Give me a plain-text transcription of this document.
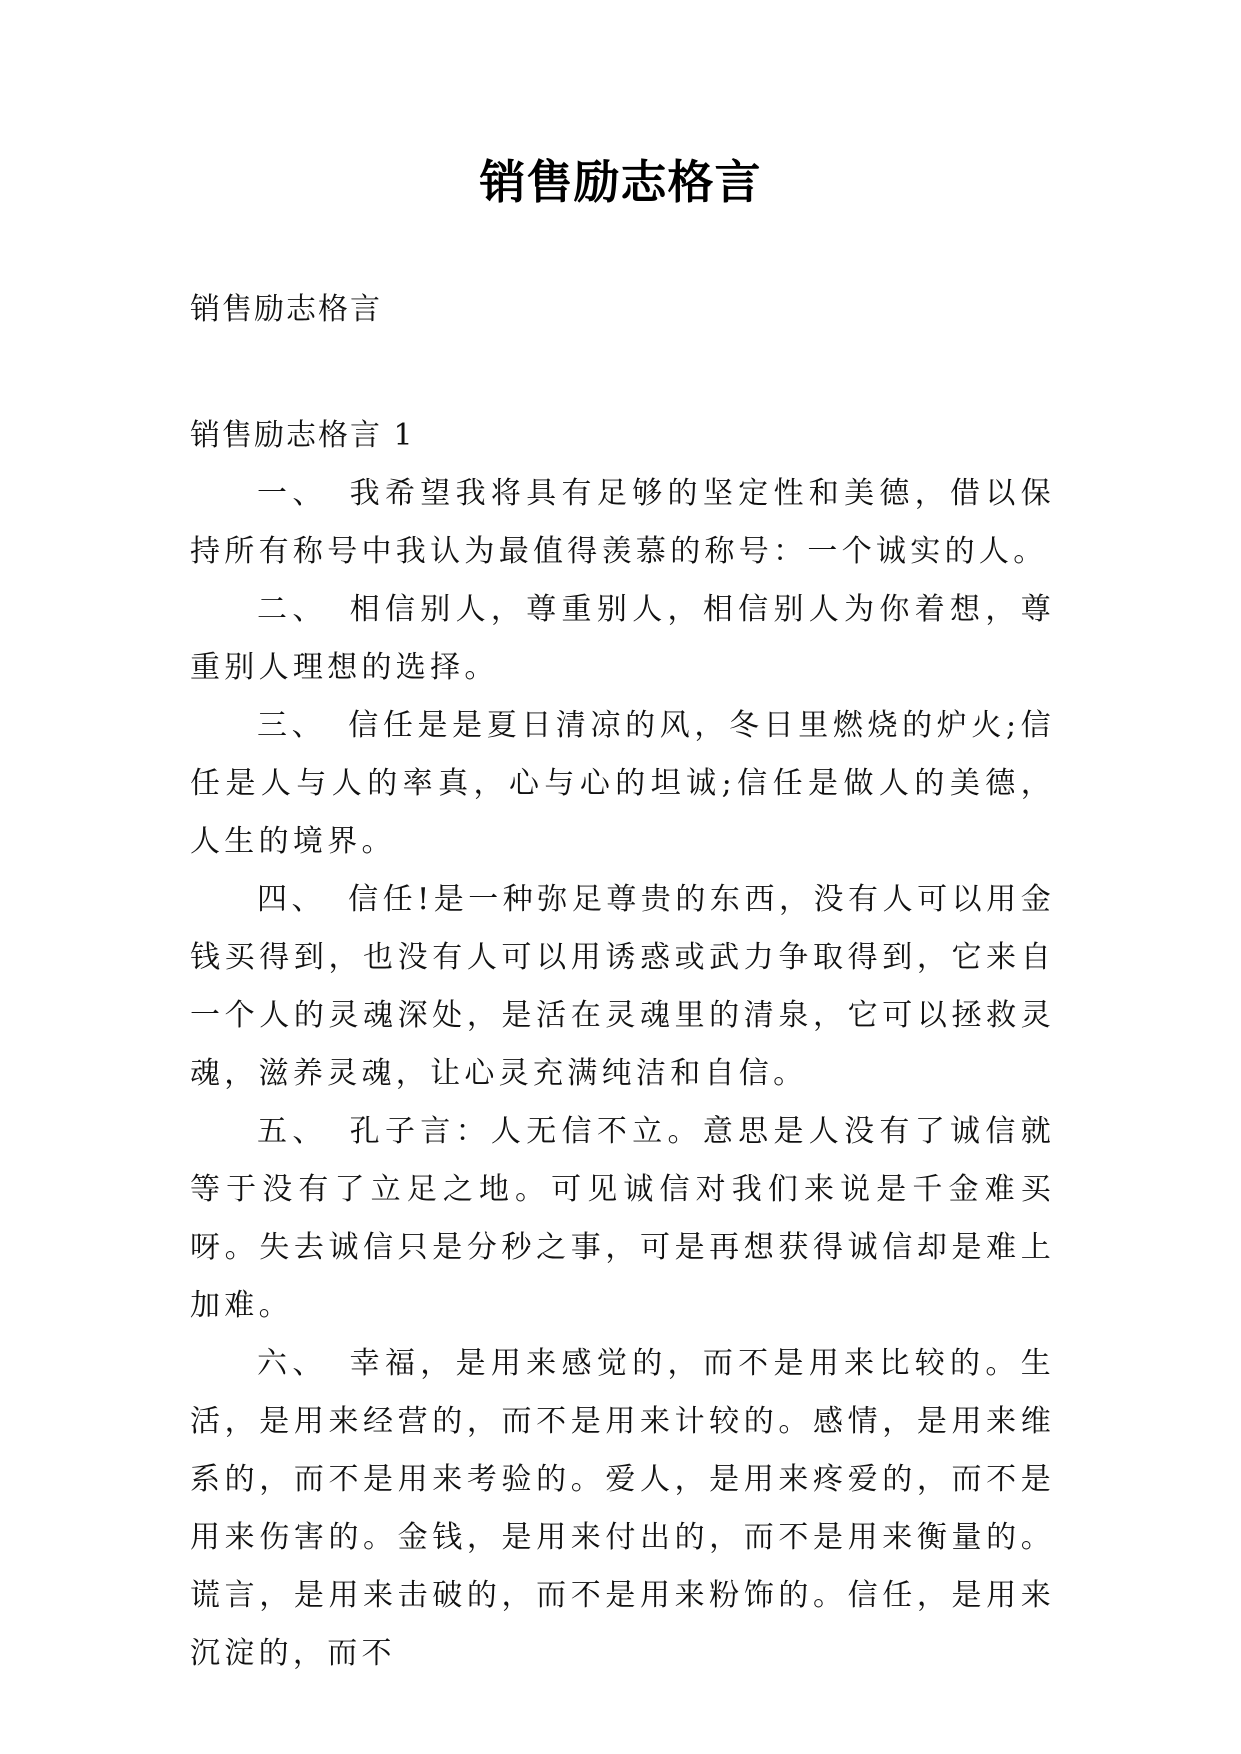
销售励志格言

销售励志格言

销售励志格言 1

一、 我希望我将具有足够的坚定性和美德，借以保持所有称号中我认为最值得羡慕的称号：一个诚实的人。

二、 相信别人，尊重别人，相信别人为你着想，尊重别人理想的选择。

三、 信任是是夏日清凉的风，冬日里燃烧的炉火;信任是人与人的率真，心与心的坦诚;信任是做人的美德，人生的境界。

四、 信任!是一种弥足尊贵的东西，没有人可以用金钱买得到，也没有人可以用诱惑或武力争取得到，它来自一个人的灵魂深处，是活在灵魂里的清泉，它可以拯救灵魂，滋养灵魂，让心灵充满纯洁和自信。

五、 孔子言：人无信不立。意思是人没有了诚信就等于没有了立足之地。可见诚信对我们来说是千金难买呀。失去诚信只是分秒之事，可是再想获得诚信却是难上加难。

六、 幸福，是用来感觉的，而不是用来比较的。生活，是用来经营的，而不是用来计较的。感情，是用来维系的，而不是用来考验的。爱人，是用来疼爱的，而不是用来伤害的。金钱，是用来付出的，而不是用来衡量的。谎言，是用来击破的，而不是用来粉饰的。信任，是用来沉淀的，而不
